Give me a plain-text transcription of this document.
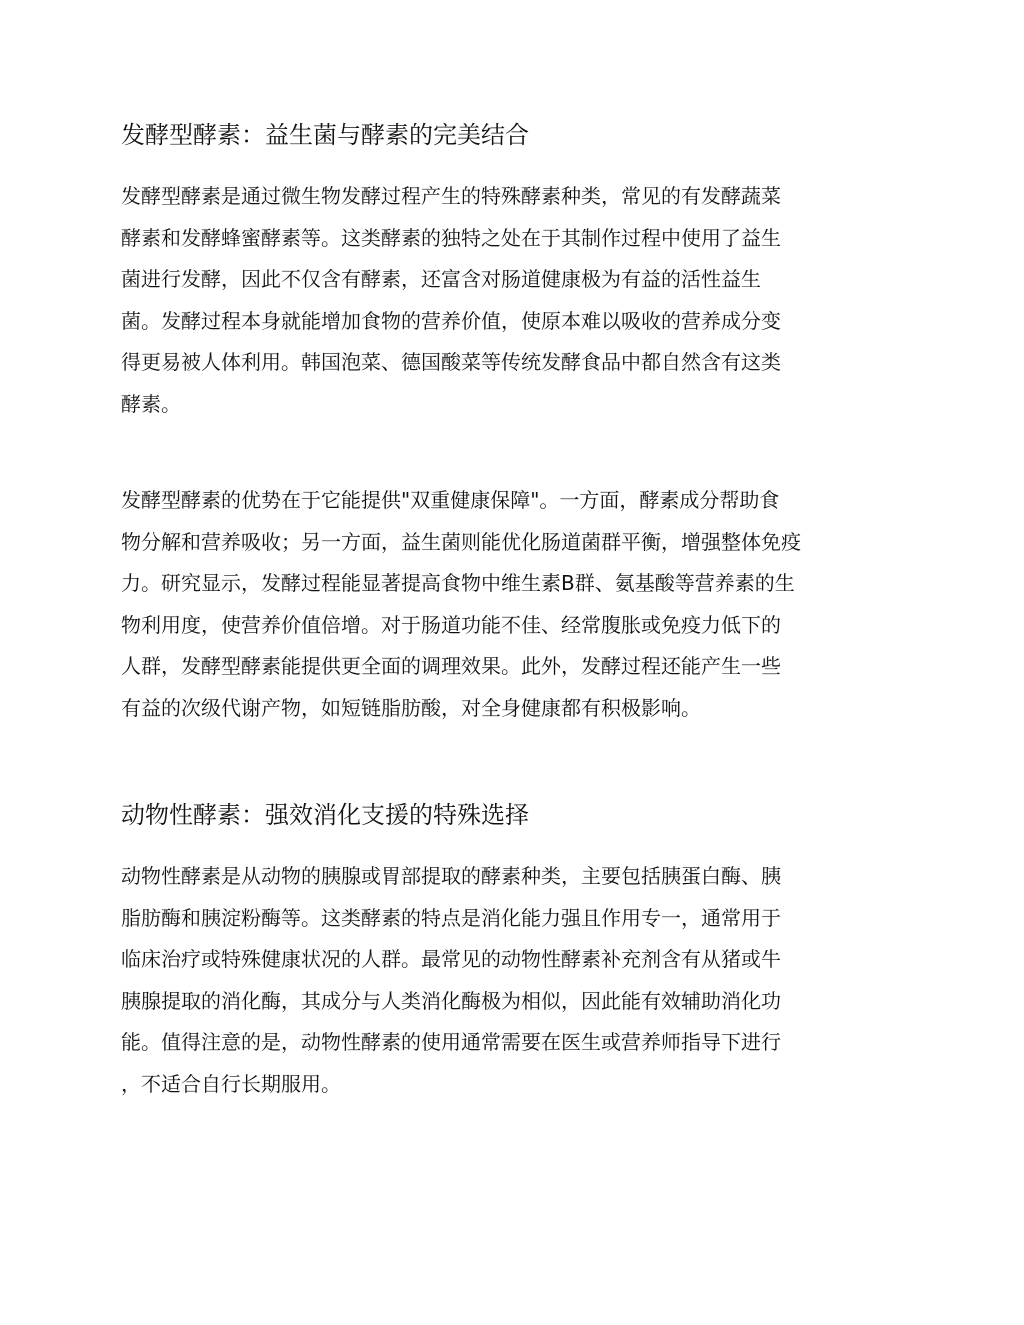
发酵型酵素：益生菌与酵素的完美结合

发酵型酵素是通过微生物发酵过程产生的特殊酵素种类，常见的有发酵蔬菜
酵素和发酵蜂蜜酵素等。这类酵素的独特之处在于其制作过程中使用了益生
菌进行发酵，因此不仅含有酵素，还富含对肠道健康极为有益的活性益生
菌。发酵过程本身就能增加食物的营养价值，使原本难以吸收的营养成分变
得更易被人体利用。韩国泡菜、德国酸菜等传统发酵食品中都自然含有这类
酵素。

发酵型酵素的优势在于它能提供"双重健康保障"。一方面，酵素成分帮助食
物分解和营养吸收；另一方面，益生菌则能优化肠道菌群平衡，增强整体免疫
力。研究显示，发酵过程能显著提高食物中维生素B群、氨基酸等营养素的生
物利用度，使营养价值倍增。对于肠道功能不佳、经常腹胀或免疫力低下的
人群，发酵型酵素能提供更全面的调理效果。此外，发酵过程还能产生一些
有益的次级代谢产物，如短链脂肪酸，对全身健康都有积极影响。

动物性酵素：强效消化支援的特殊选择

动物性酵素是从动物的胰腺或胃部提取的酵素种类，主要包括胰蛋白酶、胰
脂肪酶和胰淀粉酶等。这类酵素的特点是消化能力强且作用专一，通常用于
临床治疗或特殊健康状况的人群。最常见的动物性酵素补充剂含有从猪或牛
胰腺提取的消化酶，其成分与人类消化酶极为相似，因此能有效辅助消化功
能。值得注意的是，动物性酵素的使用通常需要在医生或营养师指导下进行
，不适合自行长期服用。
